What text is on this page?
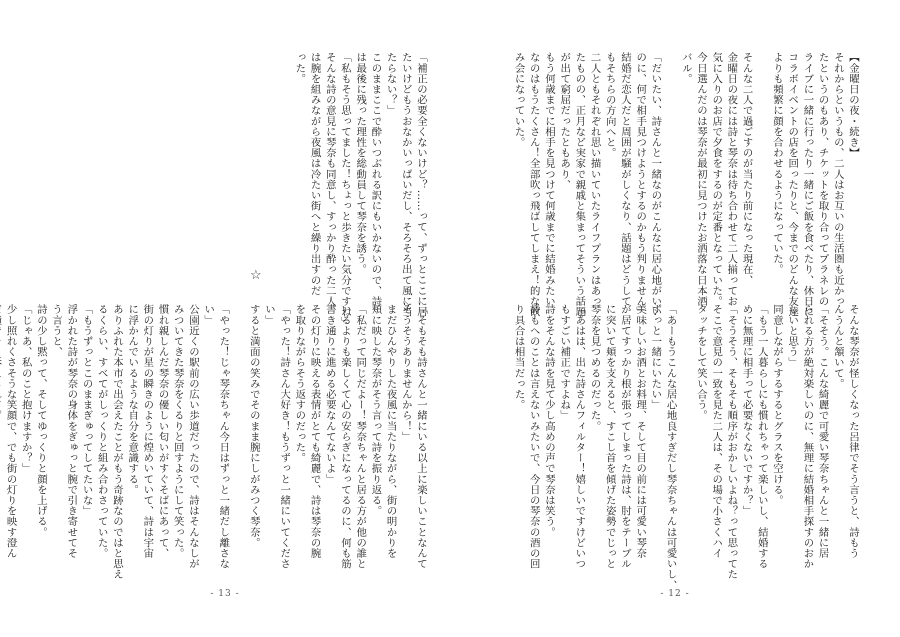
「補正の必要全くないけど？……って、ずっとここに居
たいけどもうおなかいっぱいだし、そろそろ出て風に当
たらない？」
このままここで酔いつぶれる訳にもいかないので、詩
は最後に残った理性を総動員して琴奈を誘う。
「私もそう思ってました！ちょっと歩きたい気分ですね」
そんな詩の意見に琴奈も同意し、すっかり酔った二人
は腕を組みながら夜風は冷たい街へと繰り出すのだ
った。
☆
「そもそも詩さんと一緒にいる以上に楽しいことなんて
そうそうありませんから！」
まだひんやりした夜風に当たりながら、街の明かりを
頬に映した琴奈がそう言って詩を振り返る。
「私だって同じだよー！琴奈ちゃんと居る方が他の誰と
いるよりも楽しくて心の安らぎになってるのに、何も筋
書き通りに進める必要なんてないよ」
その灯りに映える表情がとても綺麗で、詩は琴奈の腕
を取りながらそう返すのだった。
「やった！詩さん大好き！もうずっと一緒にいてくださ
い」
すると満面の笑みでそのまま腕にしがみつく琴奈。

「やった！じゃ琴奈ちゃん今日はずっと一緒だし離さな
い」
公園近くの駅前の広い歩道だったので、詩はそんなしが
みついてきた琴奈をくるりと回すようにして笑った。
慣れ親しんだ琴奈の優しい匂いがすぐそばにあって、
街の灯りが星の瞬きのように煌めいていて、詩は宇宙
に浮かんでいるような自分を意識する。
ありふれた本市で出会えたことがもう奇跡なのではと思え
るくらい、すべてがしっくりと組み合わさっていた。
「もうずっとこのままぎゅってしてたいな」
浮かれた詩が琴奈の身体をぎゅっと腕で引き寄せてそ
う言うと、
詩の少し黙って、そしてゆっくりと顔を上げる。
「じゃあ、私のこと抱けますか？」
少し照れくさそうな笑顔で、でも街の灯りを映す澄ん

- 13 -
【金曜日の夜・続き】
それからというもの、二人はお互いの生活圏も近かっ
たというのもあり、チケットを取り合ってプラネレの
ライブに一緒に行ったり一緒にご飯を食べたり、休日に
コラボイベントの店を回ったりと、今までのどんな友達
よりも頻繁に顔を合わせるようになっていた。

そんな二人で過ごすのが当たり前になった現在、
金曜日の夜には詩と琴奈は待ち合わせて二人揃ってお
気に入りのお店で夕食をするのが定番となっていた。
今日選んだのは琴奈が最初に見つけたお洒落な日本酒
バル。

「だいたい、詩さんと一緒なのがこんなに居心地がいい
のに、何で相手見つけようとするのかもう判りません」
結婚だ恋人だと周囲が騒がしくなり、話題はどうして
もそちらの方向へと。
二人ともそれぞれ思い描いていたライフプランはあっ
たものの、正月など実家で親戚と集まってそういう話題
が出て窮屈だったともあり、
もう何歳までに相手を見つけて何歳までに結婚みたい
なのはもうたくさん！全部吹っ飛ばしてしまえ！的な飲
み会になっていた。
そんな琴奈が怪しくなった呂律でそう言うと、詩もう
んうんと頷いて。
「そそう。こんな綺麗で可愛い琴奈ちゃんと一緒に居
られる方が絶対楽しいのに、無理に結婚相手探すのおか
しいと思う」
同意しながらするするとグラスを空ける。
「もう一人暮らしにも慣れちゃって楽しいし、結婚する
めに無理に相手って必要なくないですか？」
「そうそう、そもそも順序がおかしいよね？って思ってた
そこで意見の一致を見た二人は、その場で小さくハイ
タッチをして笑い合う。

「あーもうこんな居心地良すぎだし琴奈ちゃんは可愛いし、
ずっと一緒にいたい」
美味しいお酒とお料理、そして目の前には可愛い琴奈
が居てすっかり根が張ってしまった詩は、肘をテーブル
に突いて頬を支えると、すこし首を傾げた姿勢でじっと
琴奈を見つめるのだった。
「あはは、出た詩さんフィルター！嬉しいですけどいつ
もすごい補正ですよね」
詩をそんな詩を見て少し高めの声で琴奈は笑う。
詩もへのことは言えないみたいで、今日の琴奈の酒の回
り具合は相当だった。
- 12 -
